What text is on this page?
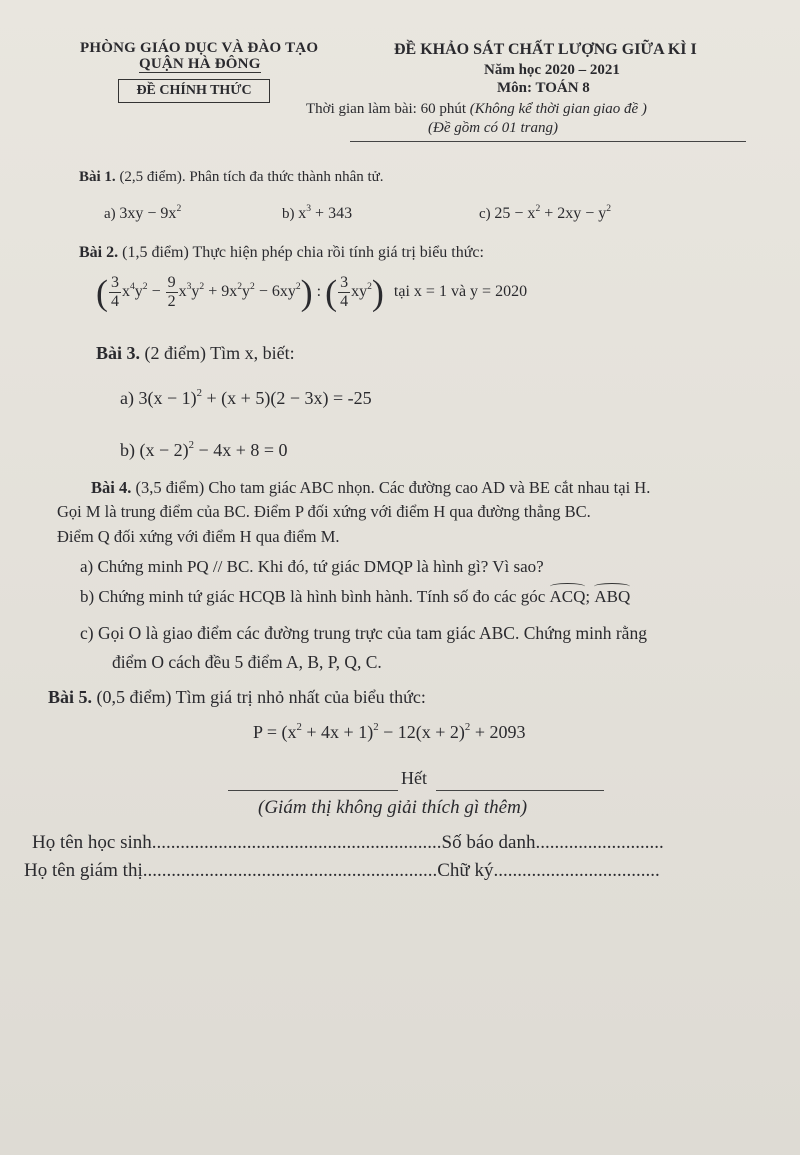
PHÒNG GIÁO DỤC VÀ ĐÀO TẠO
QUẬN HÀ ĐÔNG
ĐỀ CHÍNH THỨC
ĐỀ KHẢO SÁT CHẤT LƯỢNG GIỮA KÌ I
Năm học 2020 – 2021
Môn: TOÁN 8
Thời gian làm bài: 60 phút (Không kể thời gian giao đề )
(Đề gồm có 01 trang)
Bài 1. (2,5 điểm). Phân tích đa thức thành nhân tử.
a) $3xy - 9x^2$	b) $x^3 + 343$	c) $25 - x^2 + 2xy - y^2$
Bài 2. (1,5 điểm) Thực hiện phép chia rồi tính giá trị biểu thức:
( $\frac{3}{4} x^4y^2 - \frac{9}{2} x^3y^2 + 9x^2y^2 - 6xy^2$) : ( $\frac{3}{4} xy^2$) tại x = 1 và y = 2020
Bài 3. (2 điểm) Tìm x, biết:
a) $3(x - 1)^2 + (x + 5)(2 - 3x) = -25$
b) $(x - 2)^2 - 4x + 8 = 0$
Bài 4. (3,5 điểm) Cho tam giác ABC nhọn. Các đường cao AD và BE cắt nhau tại H.
Gọi M là trung điểm của BC. Điểm P đối xứng với điểm H qua đường thẳng BC.
Điểm Q đối xứng với điểm H qua điểm M.
a) Chứng minh PQ // BC. Khi đó, tứ giác DMQP là hình gì? Vì sao?
b) Chứng minh tứ giác HCQB là hình bình hành. Tính số đo các góc ACQ; ABQ
c) Gọi O là giao điểm các đường trung trực của tam giác ABC. Chứng minh rằng
điểm O cách đều 5 điểm A, B, P, Q, C.
Bài 5. (0,5 điểm) Tìm giá trị nhỏ nhất của biểu thức:
$P = (x^2 + 4x + 1)^2 - 12(x + 2)^2 + 2093$
Hết
(Giám thị không giải thích gì thêm)
Họ tên học sinh.............................................................Số báo danh...........................
Họ tên giám thị..............................................................Chữ ký...................................
